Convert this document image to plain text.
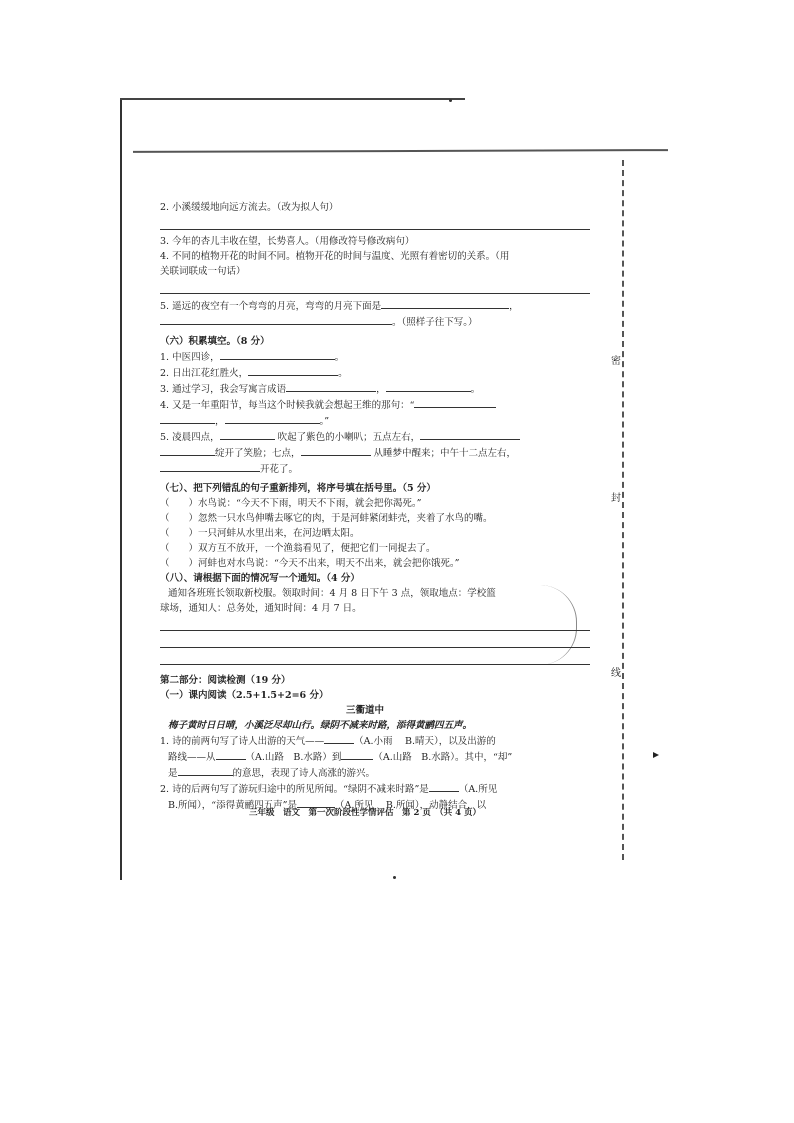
密
封
线
2. 小溪缓缓地向远方流去。（改为拟人句）
3. 今年的杏儿丰收在望，长势喜人。（用修改符号修改病句）
4. 不同的植物开花的时间不同。植物开花的时间与温度、光照有着密切的关系。（用
关联词联成一句话）
5. 遥远的夜空有一个弯弯的月亮，弯弯的月亮下面是	，
。（照样子往下写。）
（六）积累填空。（8 分）
1. 中医四诊，	。
2. 日出江花红胜火，	。
3. 通过学习，我会写寓言成语	，	。
4. 又是一年重阳节，每当这个时候我就会想起王维的那句：“
，	。”
5. 凌晨四点，	吹起了紫色的小喇叭；五点左右，
绽开了笑脸；七点，	从睡梦中醒来；中午十二点左右，
开花了。
（七）、把下列错乱的句子重新排列，将序号填在括号里。（5 分）
（　　）水鸟说：“今天不下雨，明天不下雨，就会把你渴死。”
（　　）忽然一只水鸟伸嘴去啄它的肉，于是河蚌紧闭蚌壳，夹着了水鸟的嘴。
（　　）一只河蚌从水里出来，在河边晒太阳。
（　　）双方互不放开，一个渔翁看见了，便把它们一同捉去了。
（　　）河蚌也对水鸟说：“今天不出来，明天不出来，就会把你饿死。”
（八）、请根据下面的情况写一个通知。（4 分）
通知各班班长领取新校服。领取时间：4 月 8 日下午 3 点，领取地点：学校篮
球场，通知人：总务处，通知时间：4 月 7 日。
第二部分：阅读检测（19 分）
（一）课内阅读（2.5+1.5+2=6 分）
三衢道中
梅子黄时日日晴，小溪泛尽却山行。绿阴不减来时路，添得黄鹂四五声。
1. 诗的前两句写了诗人出游的天气——	（A.小雨　 B.晴天），以及出游的
路线——从	（A.山路　B.水路）到	（A.山路　B.水路）。其中，“却”
是	的意思，表现了诗人高涨的游兴。
2. 诗的后两句写了游玩归途中的所见所闻。“绿阴不减来时路”是	（A.所见
B.所闻），“添得黄鹂四五声”是	（A.所见　 B.所闻），动静结合，以
三年级　语文　第一次阶段性学情评估　第 2 页　（共 4 页）
